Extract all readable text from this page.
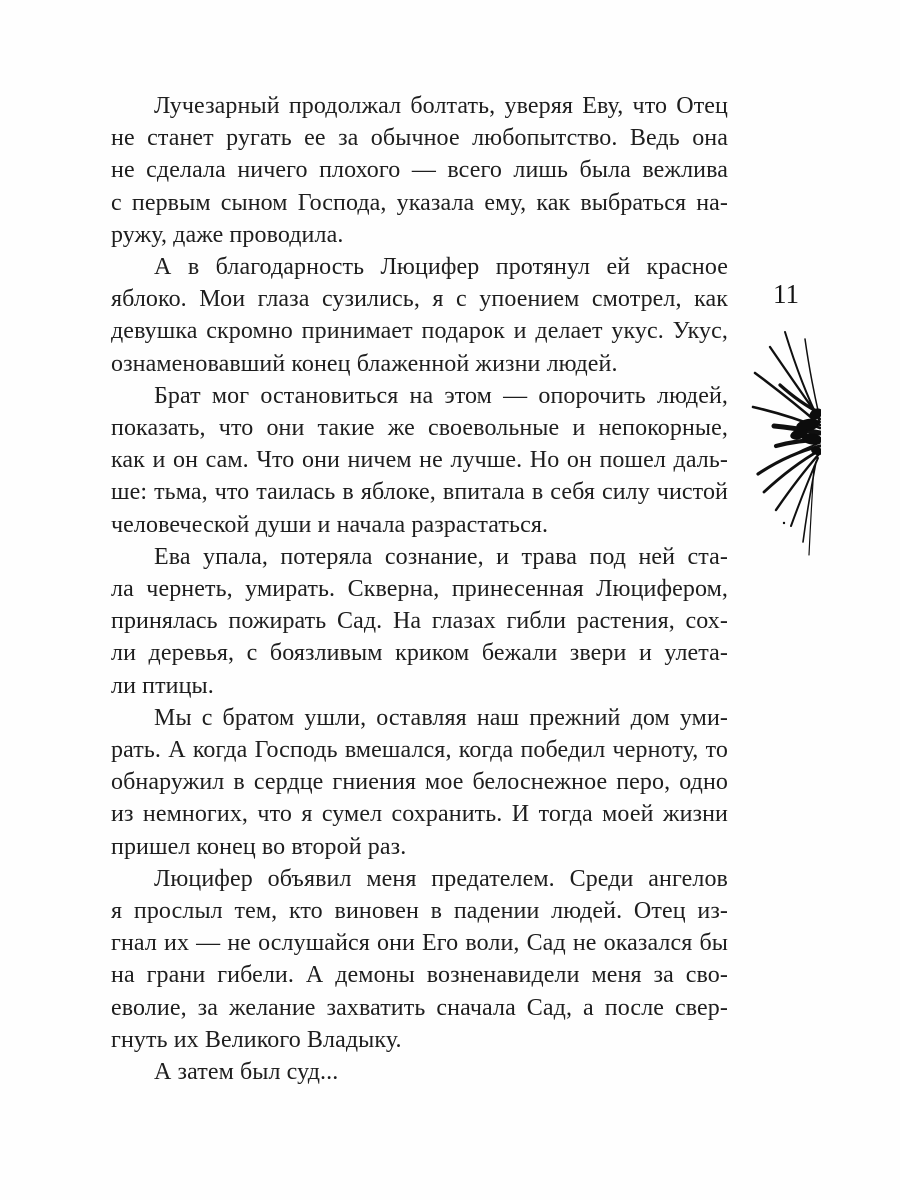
11
Лучезарный продолжал болтать, уверяя Еву, что Отец
не станет ругать ее за обычное любопытство. Ведь она
не сделала ничего плохого — всего лишь была вежлива
с первым сыном Господа, указала ему, как выбраться на-
ружу, даже проводила.
А в благодарность Люцифер протянул ей красное
яблоко. Мои глаза сузились, я с упоением смотрел, как
девушка скромно принимает подарок и делает укус. Укус,
ознаменовавший конец блаженной жизни людей.
Брат мог остановиться на этом — опорочить людей,
показать, что они такие же своевольные и непокорные,
как и он сам. Что они ничем не лучше. Но он пошел даль-
ше: тьма, что таилась в яблоке, впитала в себя силу чистой
человеческой души и начала разрастаться.
Ева упала, потеряла сознание, и трава под ней ста-
ла чернеть, умирать. Скверна, принесенная Люцифером,
принялась пожирать Сад. На глазах гибли растения, сох-
ли деревья, с боязливым криком бежали звери и улета-
ли птицы.
Мы с братом ушли, оставляя наш прежний дом уми-
рать. А когда Господь вмешался, когда победил черноту, то
обнаружил в сердце гниения мое белоснежное перо, одно
из немногих, что я сумел сохранить. И тогда моей жизни
пришел конец во второй раз.
Люцифер объявил меня предателем. Среди ангелов
я прослыл тем, кто виновен в падении людей. Отец из-
гнал их — не ослушайся они Его воли, Сад не оказался бы
на грани гибели. А демоны возненавидели меня за сво-
еволие, за желание захватить сначала Сад, а после свер-
гнуть их Великого Владыку.
А затем был суд...
